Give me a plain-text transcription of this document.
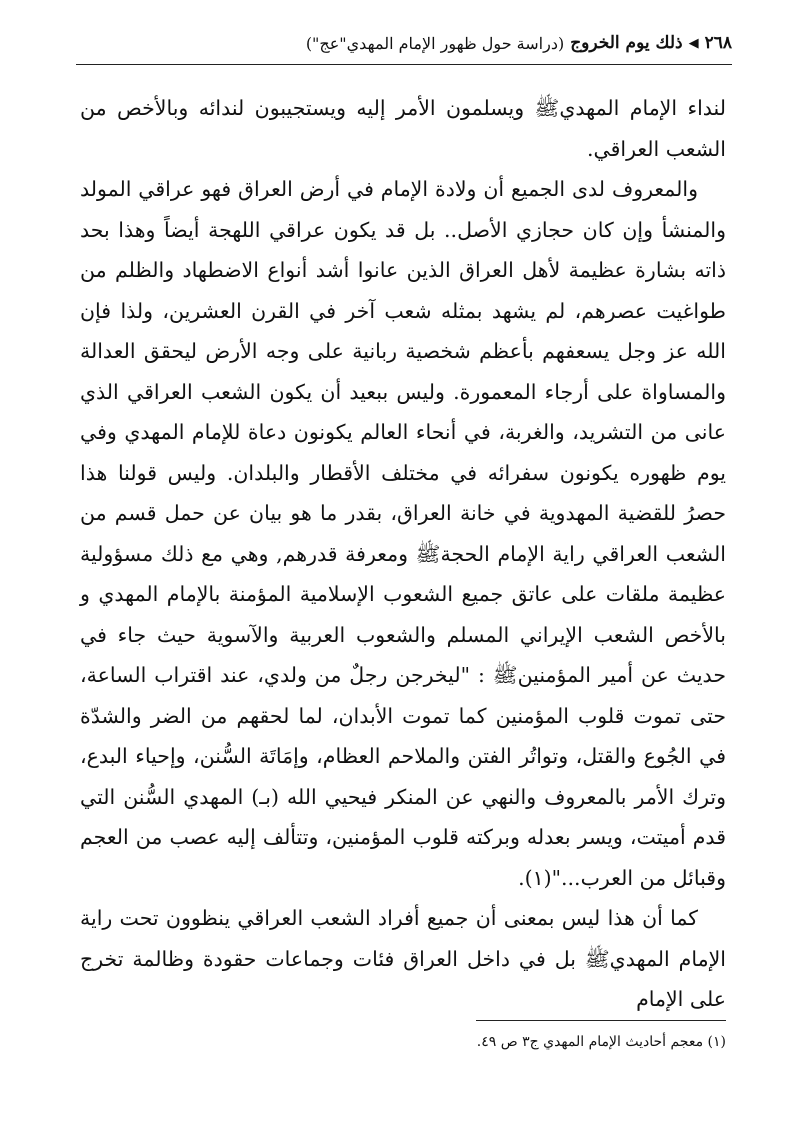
٢٦٨
◀
ذلك يوم الخروج
(دراسة حول ظهور الإمام المهدي"عج")

لنداء الإمام المهديﷺ ويسلمون الأمر إليه ويستجيبون لندائه وبالأخص من الشعب العراقي.

والمعروف لدى الجميع أن ولادة الإمام في أرض العراق فهو عراقي المولد والمنشأ وإن كان حجازي الأصل.. بل قد يكون عراقي اللهجة أيضاً وهذا بحد ذاته بشارة عظيمة لأهل العراق الذين عانوا أشد أنواع الاضطهاد والظلم من طواغيت عصرهم، لم يشهد بمثله شعب آخر في القرن العشرين، ولذا فإن الله عز وجل يسعفهم بأعظم شخصية ربانية على وجه الأرض ليحقق العدالة والمساواة على أرجاء المعمورة. وليس ببعيد أن يكون الشعب العراقي الذي عانى من التشريد، والغربة، في أنحاء العالم يكونون دعاة للإمام المهدي وفي يوم ظهوره يكونون سفرائه في مختلف الأقطار والبلدان. وليس قولنا هذا حصرُ للقضية المهدوية في خانة العراق، بقدر ما هو بيان عن حمل قسم من الشعب العراقي راية الإمام الحجةﷺ ومعرفة قدرهم, وهي مع ذلك مسؤولية عظيمة ملقات على عاتق جميع الشعوب الإسلامية المؤمنة بالإمام المهدي و بالأخص الشعب الإيراني المسلم والشعوب العربية والآسوية حيث جاء في حديث عن أمير المؤمنينﷺ : "ليخرجن رجلٌ من ولدي، عند اقتراب الساعة، حتى تموت قلوب المؤمنين كما تموت الأبدان، لما لحقهم من الضر والشدّة في الجُوع والقتل، وتواتُر الفتن والملاحم العظام، وإمَاتَة السُّنن، وإحياء البدع، وترك الأمر بالمعروف والنهي عن المنكر فيحيي الله (بـ) المهدي السُّنن التي قدم أميتت، ويسر بعدله وبركته قلوب المؤمنين، وتتألف إليه عصب من العجم وقبائل من العرب..."(١).

كما أن هذا ليس بمعنى أن جميع أفراد الشعب العراقي ينظوون تحت راية الإمام المهديﷺ بل في داخل العراق فئات وجماعات حقودة وظالمة تخرج على الإمام

(١) معجم أحاديث الإمام المهدي ج٣ ص ٤٩.
